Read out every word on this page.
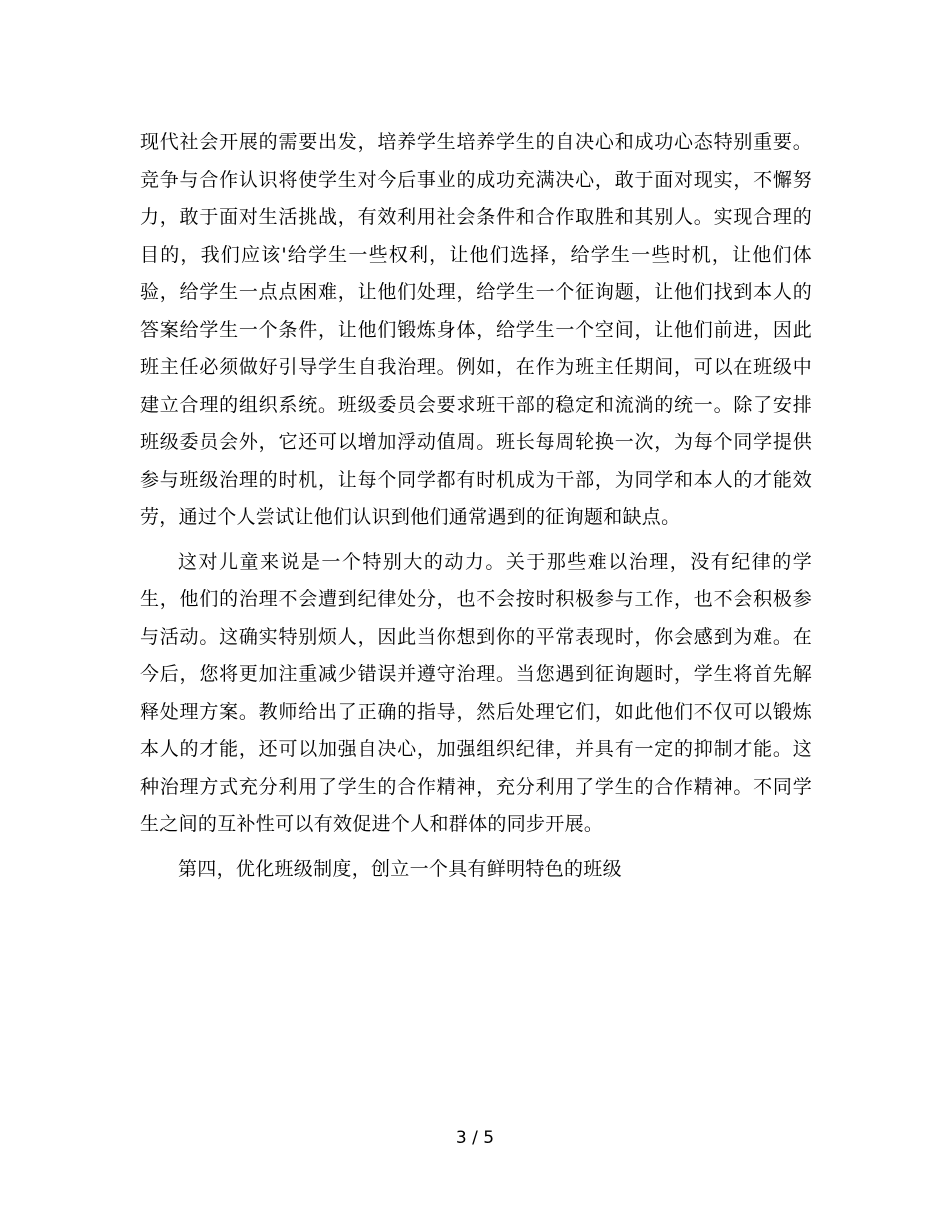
现代社会开展的需要出发，培养学生培养学生的自决心和成功心态特别重要。竞争与合作认识将使学生对今后事业的成功充满决心，敢于面对现实，不懈努力，敢于面对生活挑战，有效利用社会条件和合作取胜和其别人。实现合理的目的，我们应该'给学生一些权利，让他们选择，给学生一些时机，让他们体验，给学生一点点困难，让他们处理，给学生一个征询题，让他们找到本人的答案给学生一个条件，让他们锻炼身体，给学生一个空间，让他们前进，因此班主任必须做好引导学生自我治理。例如，在作为班主任期间，可以在班级中建立合理的组织系统。班级委员会要求班干部的稳定和流淌的统一。除了安排班级委员会外，它还可以增加浮动值周。班长每周轮换一次，为每个同学提供参与班级治理的时机，让每个同学都有时机成为干部，为同学和本人的才能效劳，通过个人尝试让他们认识到他们通常遇到的征询题和缺点。

这对儿童来说是一个特别大的动力。关于那些难以治理，没有纪律的学生，他们的治理不会遭到纪律处分，也不会按时积极参与工作，也不会积极参与活动。这确实特别烦人，因此当你想到你的平常表现时，你会感到为难。在今后，您将更加注重减少错误并遵守治理。当您遇到征询题时，学生将首先解释处理方案。教师给出了正确的指导，然后处理它们，如此他们不仅可以锻炼本人的才能，还可以加强自决心，加强组织纪律，并具有一定的抑制才能。这种治理方式充分利用了学生的合作精神，充分利用了学生的合作精神。不同学生之间的互补性可以有效促进个人和群体的同步开展。

第四，优化班级制度，创立一个具有鲜明特色的班级

3 / 5
